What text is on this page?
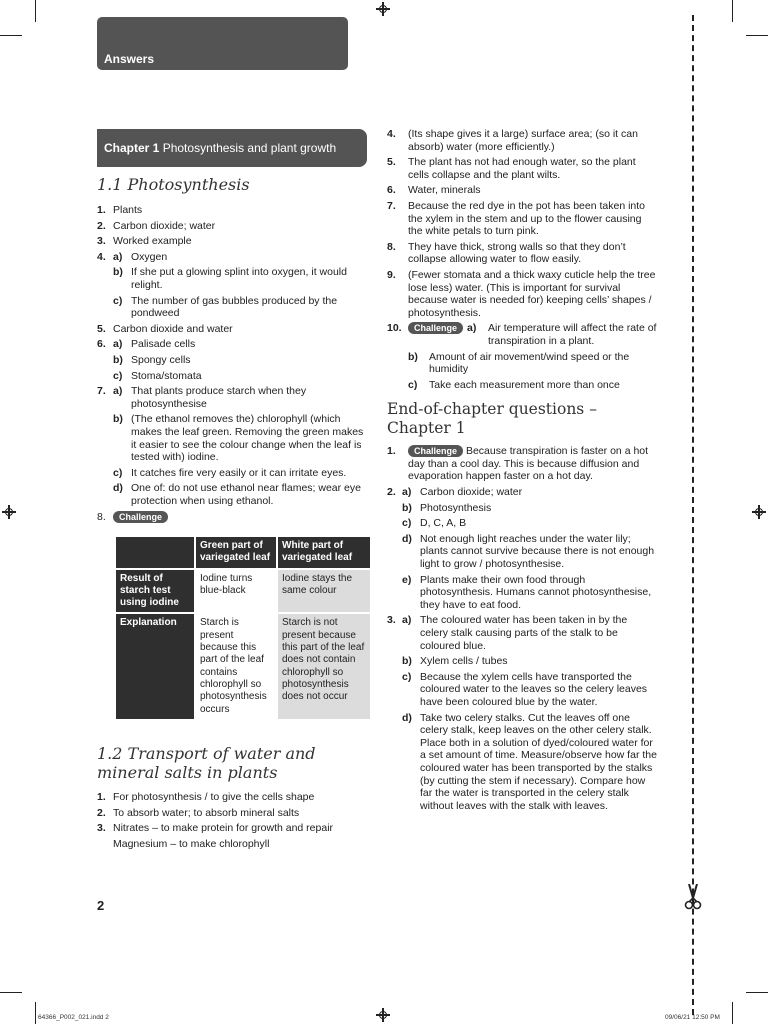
Answers
Chapter 1 Photosynthesis and plant growth
1.1 Photosynthesis
1. Plants
2. Carbon dioxide; water
3. Worked example
4. a) Oxygen
b) If she put a glowing splint into oxygen, it would relight.
c) The number of gas bubbles produced by the pondweed
5. Carbon dioxide and water
6. a) Palisade cells
b) Spongy cells
c) Stoma/stomata
7. a) That plants produce starch when they photosynthesise
b) (The ethanol removes the) chlorophyll (which makes the leaf green. Removing the green makes it easier to see the colour change when the leaf is tested with) iodine.
c) It catches fire very easily or it can irritate eyes.
d) One of: do not use ethanol near flames; wear eye protection when using ethanol.
8. Challenge
	Green part of variegated leaf	White part of variegated leaf
Result of starch test using iodine	Iodine turns blue-black	Iodine stays the same colour
Explanation	Starch is present because this part of the leaf contains chlorophyll so photosynthesis occurs	Starch is not present because this part of the leaf does not contain chlorophyll so photosynthesis does not occur
1.2 Transport of water and mineral salts in plants
1. For photosynthesis / to give the cells shape
2. To absorb water; to absorb mineral salts
3. Nitrates – to make protein for growth and repair
Magnesium – to make chlorophyll
2
4. (Its shape gives it a large) surface area; (so it can absorb) water (more efficiently.)
5. The plant has not had enough water, so the plant cells collapse and the plant wilts.
6. Water, minerals
7. Because the red dye in the pot has been taken into the xylem in the stem and up to the flower causing the white petals to turn pink.
8. They have thick, strong walls so that they don’t collapse allowing water to flow easily.
9. (Fewer stomata and a thick waxy cuticle help the tree lose less) water. (This is important for survival because water is needed for) keeping cells’ shapes / photosynthesis.
10.	Challenge a) Air temperature will affect the rate of transpiration in a plant.
b) Amount of air movement/wind speed or the humidity
c) Take each measurement more than once
End-of-chapter questions – Chapter 1
1. Challenge Because transpiration is faster on a hot day than a cool day. This is because diffusion and evaporation happen faster on a hot day.
2. a) Carbon dioxide; water
b) Photosynthesis
c) D, C, A, B
d) Not enough light reaches under the water lily; plants cannot survive because there is not enough light to grow / photosynthesise.
e) Plants make their own food through photosynthesis. Humans cannot photosynthesise, they have to eat food.
3. a) The coloured water has been taken in by the celery stalk causing parts of the stalk to be coloured blue.
b) Xylem cells / tubes
c) Because the xylem cells have transported the coloured water to the leaves so the celery leaves have been coloured blue by the water.
d) Take two celery stalks. Cut the leaves off one celery stalk, keep leaves on the other celery stalk. Place both in a solution of dyed/coloured water for a set amount of time. Measure/observe how far the coloured water has been transported by the stalks (by cutting the stem if necessary). Compare how far the water is transported in the celery stalk without leaves with the stalk with leaves.
64366_P002_021.indd 2	09/06/21 12:50 PM
